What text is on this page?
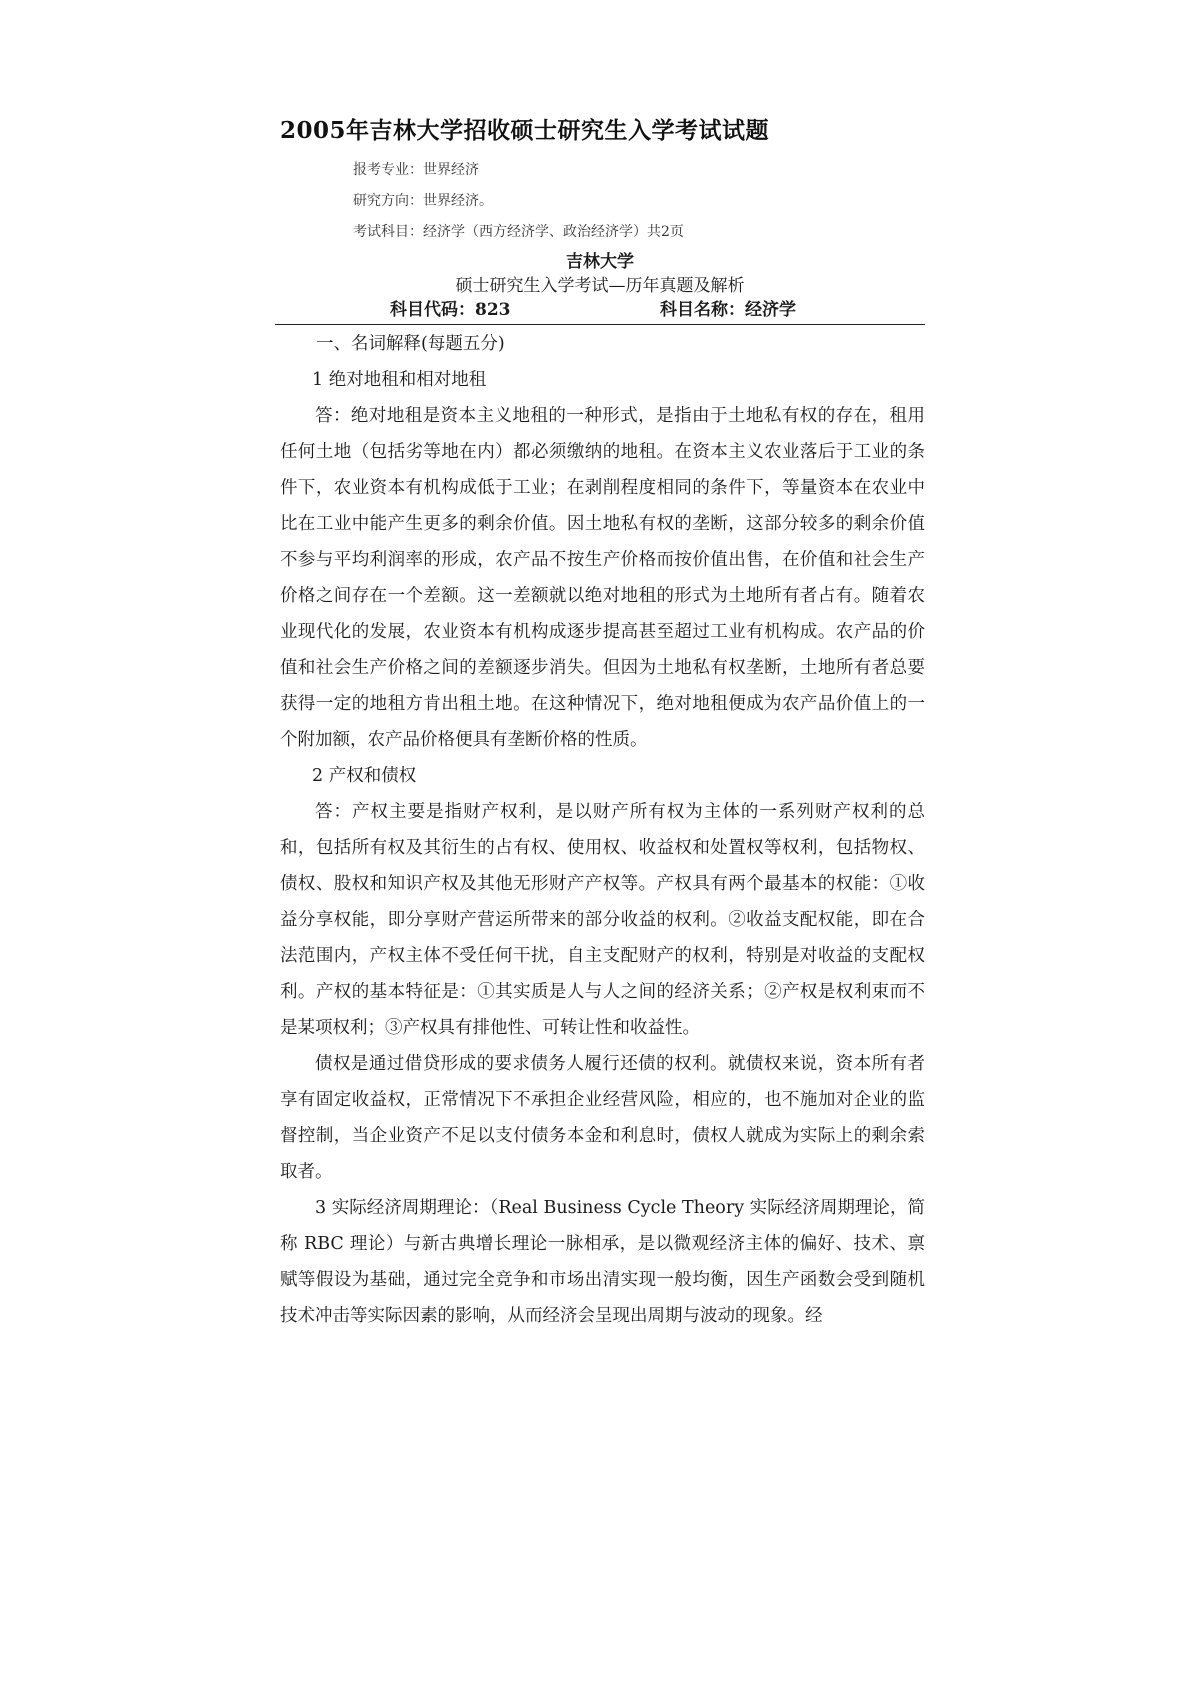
2005年吉林大学招收硕士研究生入学考试试题
报考专业：世界经济
研究方向：世界经济。
考试科目：经济学（西方经济学、政治经济学）共2页
吉林大学
硕士研究生入学考试—历年真题及解析
科目代码：823	科目名称：经济学

一、名词解释(每题五分)

1 绝对地租和相对地租

答：绝对地租是资本主义地租的一种形式，是指由于土地私有权的存在，租用任何土地（包括劣等地在内）都必须缴纳的地租。在资本主义农业落后于工业的条件下，农业资本有机构成低于工业；在剥削程度相同的条件下，等量资本在农业中比在工业中能产生更多的剩余价值。因土地私有权的垄断，这部分较多的剩余价值不参与平均利润率的形成，农产品不按生产价格而按价值出售，在价值和社会生产价格之间存在一个差额。这一差额就以绝对地租的形式为土地所有者占有。随着农业现代化的发展，农业资本有机构成逐步提高甚至超过工业有机构成。农产品的价值和社会生产价格之间的差额逐步消失。但因为土地私有权垄断，土地所有者总要获得一定的地租方肯出租土地。在这种情况下，绝对地租便成为农产品价值上的一个附加额，农产品价格便具有垄断价格的性质。

2 产权和债权

答：产权主要是指财产权利，是以财产所有权为主体的一系列财产权利的总和，包括所有权及其衍生的占有权、使用权、收益权和处置权等权利，包括物权、债权、股权和知识产权及其他无形财产产权等。产权具有两个最基本的权能：①收益分享权能，即分享财产营运所带来的部分收益的权利。②收益支配权能，即在合法范围内，产权主体不受任何干扰，自主支配财产的权利，特别是对收益的支配权利。产权的基本特征是：①其实质是人与人之间的经济关系；②产权是权利束而不是某项权利；③产权具有排他性、可转让性和收益性。

债权是通过借贷形成的要求债务人履行还债的权利。就债权来说，资本所有者享有固定收益权，正常情况下不承担企业经营风险，相应的，也不施加对企业的监督控制，当企业资产不足以支付债务本金和利息时，债权人就成为实际上的剩余索取者。

3 实际经济周期理论：（Real Business Cycle Theory 实际经济周期理论，简称 RBC 理论）与新古典增长理论一脉相承，是以微观经济主体的偏好、技术、禀赋等假设为基础，通过完全竞争和市场出清实现一般均衡，因生产函数会受到随机技术冲击等实际因素的影响，从而经济会呈现出周期与波动的现象。经
